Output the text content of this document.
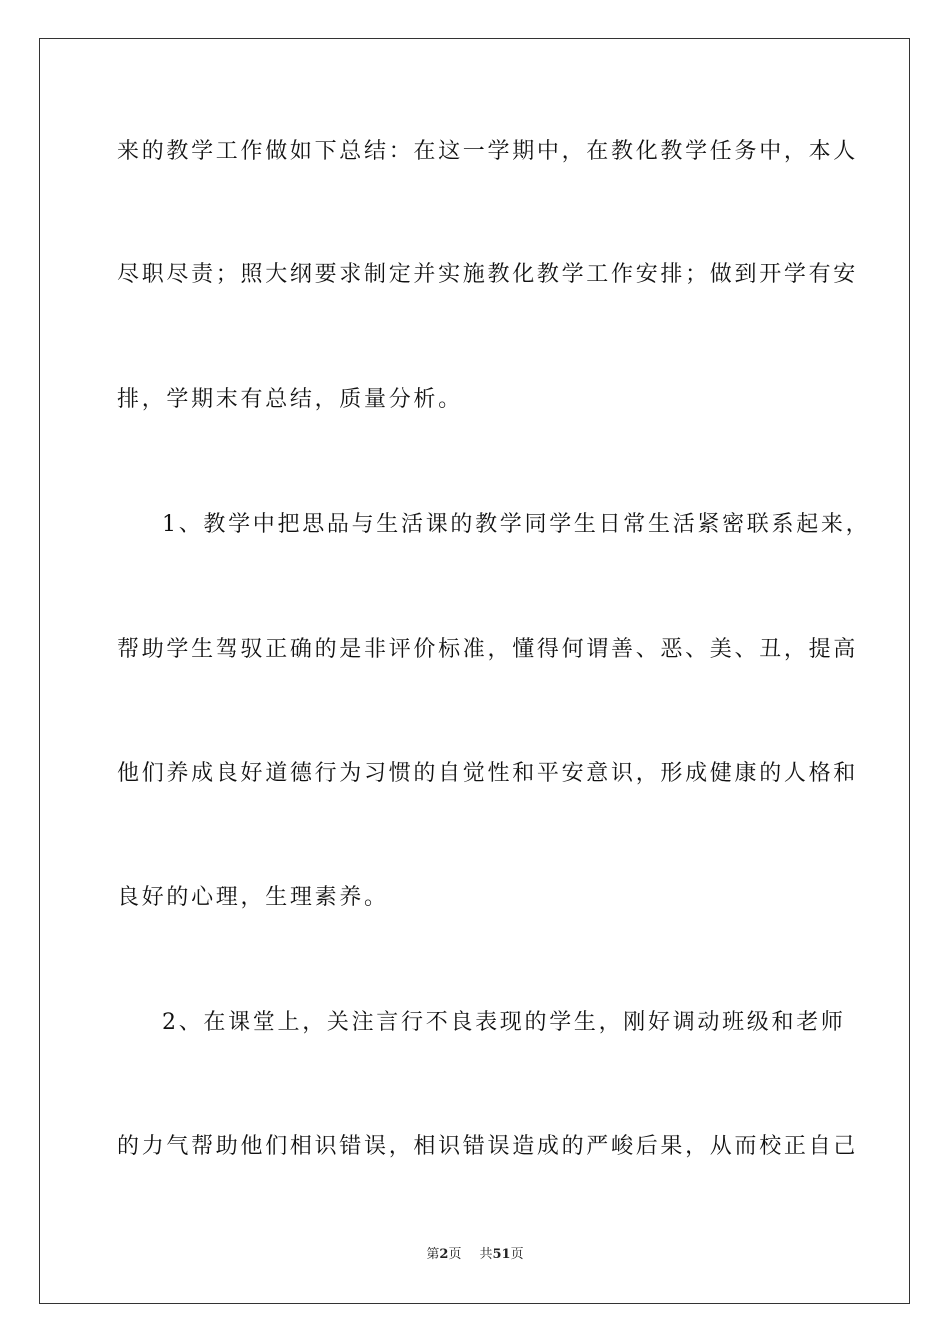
来的教学工作做如下总结：在这一学期中，在教化教学任务中，本人
尽职尽责；照大纲要求制定并实施教化教学工作安排；做到开学有安
排，学期末有总结，质量分析。
1、教学中把思品与生活课的教学同学生日常生活紧密联系起来，
帮助学生驾驭正确的是非评价标准，懂得何谓善、恶、美、丑，提高
他们养成良好道德行为习惯的自觉性和平安意识，形成健康的人格和
良好的心理，生理素养。
2、在课堂上，关注言行不良表现的学生，刚好调动班级和老师
的力气帮助他们相识错误，相识错误造成的严峻后果，从而校正自己
第2页 共51页
